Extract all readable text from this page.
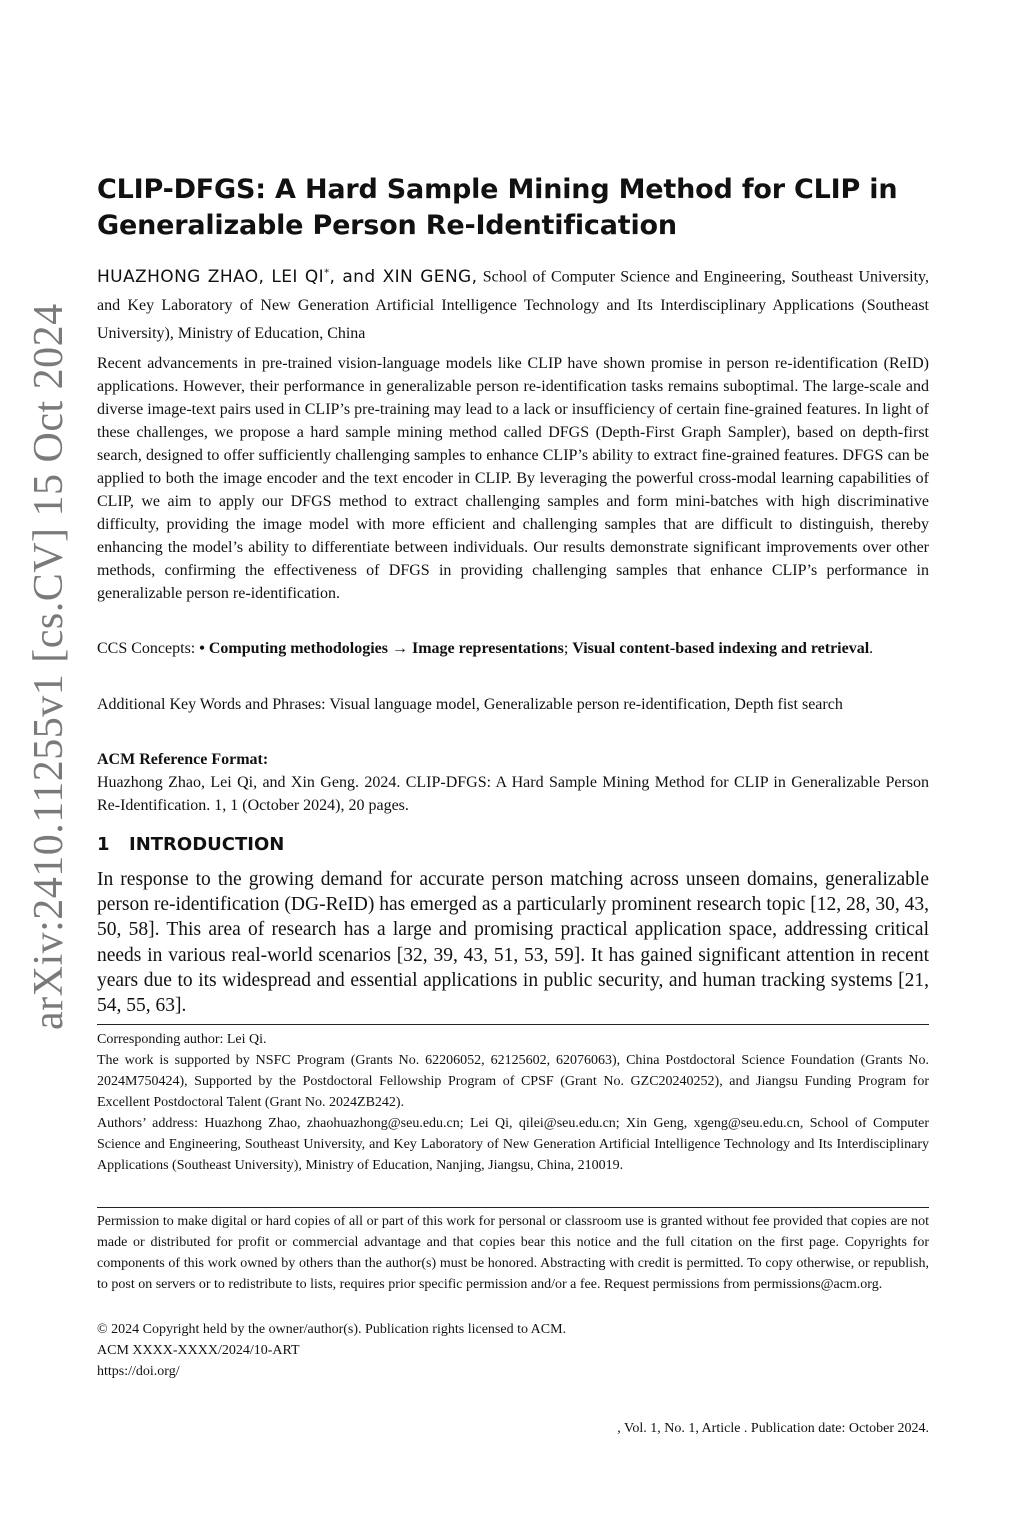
arXiv:2410.11255v1 [cs.CV] 15 Oct 2024
CLIP-DFGS: A Hard Sample Mining Method for CLIP in Generalizable Person Re-Identification
HUAZHONG ZHAO, LEI QI*, and XIN GENG, School of Computer Science and Engineering, Southeast University, and Key Laboratory of New Generation Artificial Intelligence Technology and Its Interdisciplinary Applications (Southeast University), Ministry of Education, China

Recent advancements in pre-trained vision-language models like CLIP have shown promise in person re-identification (ReID) applications. However, their performance in generalizable person re-identification tasks remains suboptimal. The large-scale and diverse image-text pairs used in CLIP’s pre-training may lead to a lack or insufficiency of certain fine-grained features. In light of these challenges, we propose a hard sample mining method called DFGS (Depth-First Graph Sampler), based on depth-first search, designed to offer sufficiently challenging samples to enhance CLIP’s ability to extract fine-grained features. DFGS can be applied to both the image encoder and the text encoder in CLIP. By leveraging the powerful cross-modal learning capabilities of CLIP, we aim to apply our DFGS method to extract challenging samples and form mini-batches with high discriminative difficulty, providing the image model with more efficient and challenging samples that are difficult to distinguish, thereby enhancing the model’s ability to differentiate between individuals. Our results demonstrate significant improvements over other methods, confirming the effectiveness of DFGS in providing challenging samples that enhance CLIP’s performance in generalizable person re-identification.

CCS Concepts: • Computing methodologies → Image representations; Visual content-based indexing and retrieval.

Additional Key Words and Phrases: Visual language model, Generalizable person re-identification, Depth fist search

ACM Reference Format:

Huazhong Zhao, Lei Qi, and Xin Geng. 2024. CLIP-DFGS: A Hard Sample Mining Method for CLIP in Generalizable Person Re-Identification. 1, 1 (October 2024), 20 pages.

1 INTRODUCTION

In response to the growing demand for accurate person matching across unseen domains, generalizable person re-identification (DG-ReID) has emerged as a particularly prominent research topic [12, 28, 30, 43, 50, 58]. This area of research has a large and promising practical application space, addressing critical needs in various real-world scenarios [32, 39, 43, 51, 53, 59]. It has gained significant attention in recent years due to its widespread and essential applications in public security, and human tracking systems [21, 54, 55, 63].

Corresponding author: Lei Qi.

The work is supported by NSFC Program (Grants No. 62206052, 62125602, 62076063), China Postdoctoral Science Foundation (Grants No. 2024M750424), Supported by the Postdoctoral Fellowship Program of CPSF (Grant No. GZC20240252), and Jiangsu Funding Program for Excellent Postdoctoral Talent (Grant No. 2024ZB242).

Authors’ address: Huazhong Zhao, zhaohuazhong@seu.edu.cn; Lei Qi, qilei@seu.edu.cn; Xin Geng, xgeng@seu.edu.cn, School of Computer Science and Engineering, Southeast University, and Key Laboratory of New Generation Artificial Intelligence Technology and Its Interdisciplinary Applications (Southeast University), Ministry of Education, Nanjing, Jiangsu, China, 210019.

Permission to make digital or hard copies of all or part of this work for personal or classroom use is granted without fee provided that copies are not made or distributed for profit or commercial advantage and that copies bear this notice and the full citation on the first page. Copyrights for components of this work owned by others than the author(s) must be honored. Abstracting with credit is permitted. To copy otherwise, or republish, to post on servers or to redistribute to lists, requires prior specific permission and/or a fee. Request permissions from permissions@acm.org.

© 2024 Copyright held by the owner/author(s). Publication rights licensed to ACM.

ACM XXXX-XXXX/2024/10-ART

https://doi.org/

, Vol. 1, No. 1, Article . Publication date: October 2024.
